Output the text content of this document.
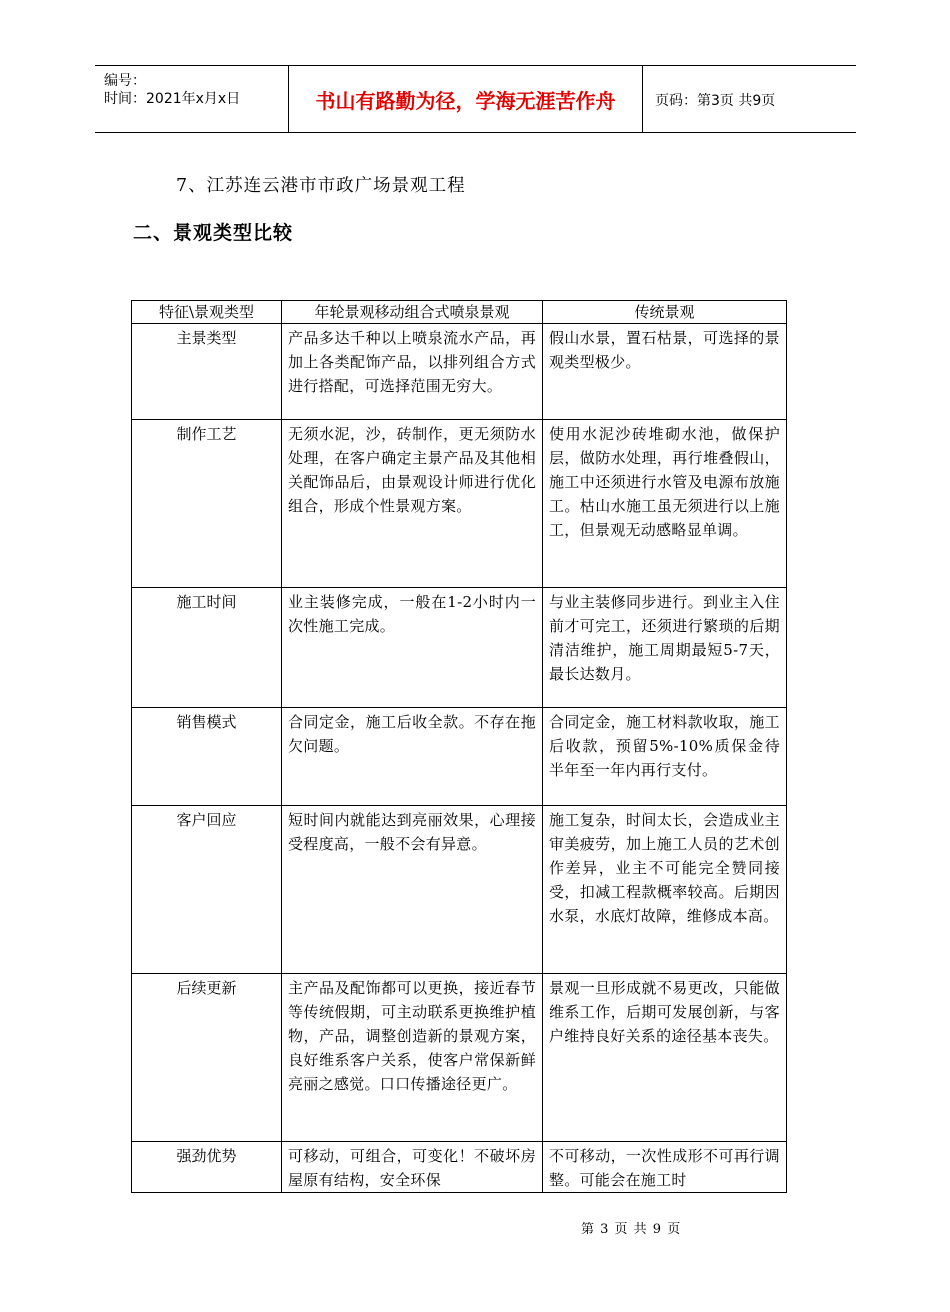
编号：
时间：2021年x月x日	书山有路勤为径，学海无涯苦作舟	页码：第3页 共9页
7、江苏连云港市市政广场景观工程
二、景观类型比较
特征\景观类型	年轮景观移动组合式喷泉景观	传统景观
主景类型	产品多达千种以上喷泉流水产品，再加上各类配饰产品，以排列组合方式进行搭配，可选择范围无穷大。	假山水景，置石枯景，可选择的景观类型极少。
制作工艺	无须水泥，沙，砖制作，更无须防水处理，在客户确定主景产品及其他相关配饰品后，由景观设计师进行优化组合，形成个性景观方案。	使用水泥沙砖堆砌水池，做保护层，做防水处理，再行堆叠假山，施工中还须进行水管及电源布放施工。枯山水施工虽无须进行以上施工，但景观无动感略显单调。
施工时间	业主装修完成，一般在1-2小时内一次性施工完成。	与业主装修同步进行。到业主入住前才可完工，还须进行繁琐的后期清洁维护，施工周期最短5-7天，最长达数月。
销售模式	合同定金，施工后收全款。不存在拖欠问题。	合同定金，施工材料款收取，施工后收款，预留5%-10%质保金待半年至一年内再行支付。
客户回应	短时间内就能达到亮丽效果，心理接受程度高，一般不会有异意。	施工复杂，时间太长，会造成业主审美疲劳，加上施工人员的艺术创作差异，业主不可能完全赞同接受，扣减工程款概率较高。后期因水泵，水底灯故障，维修成本高。
后续更新	主产品及配饰都可以更换，接近春节等传统假期，可主动联系更换维护植物，产品，调整创造新的景观方案，良好维系客户关系，使客户常保新鲜亮丽之感觉。口口传播途径更广。	景观一旦形成就不易更改，只能做维系工作，后期可发展创新，与客户维持良好关系的途径基本丧失。
强劲优势	可移动，可组合，可变化！不破坏房屋原有结构，安全环保	不可移动，一次性成形不可再行调整。可能会在施工时
第 3 页 共 9 页
